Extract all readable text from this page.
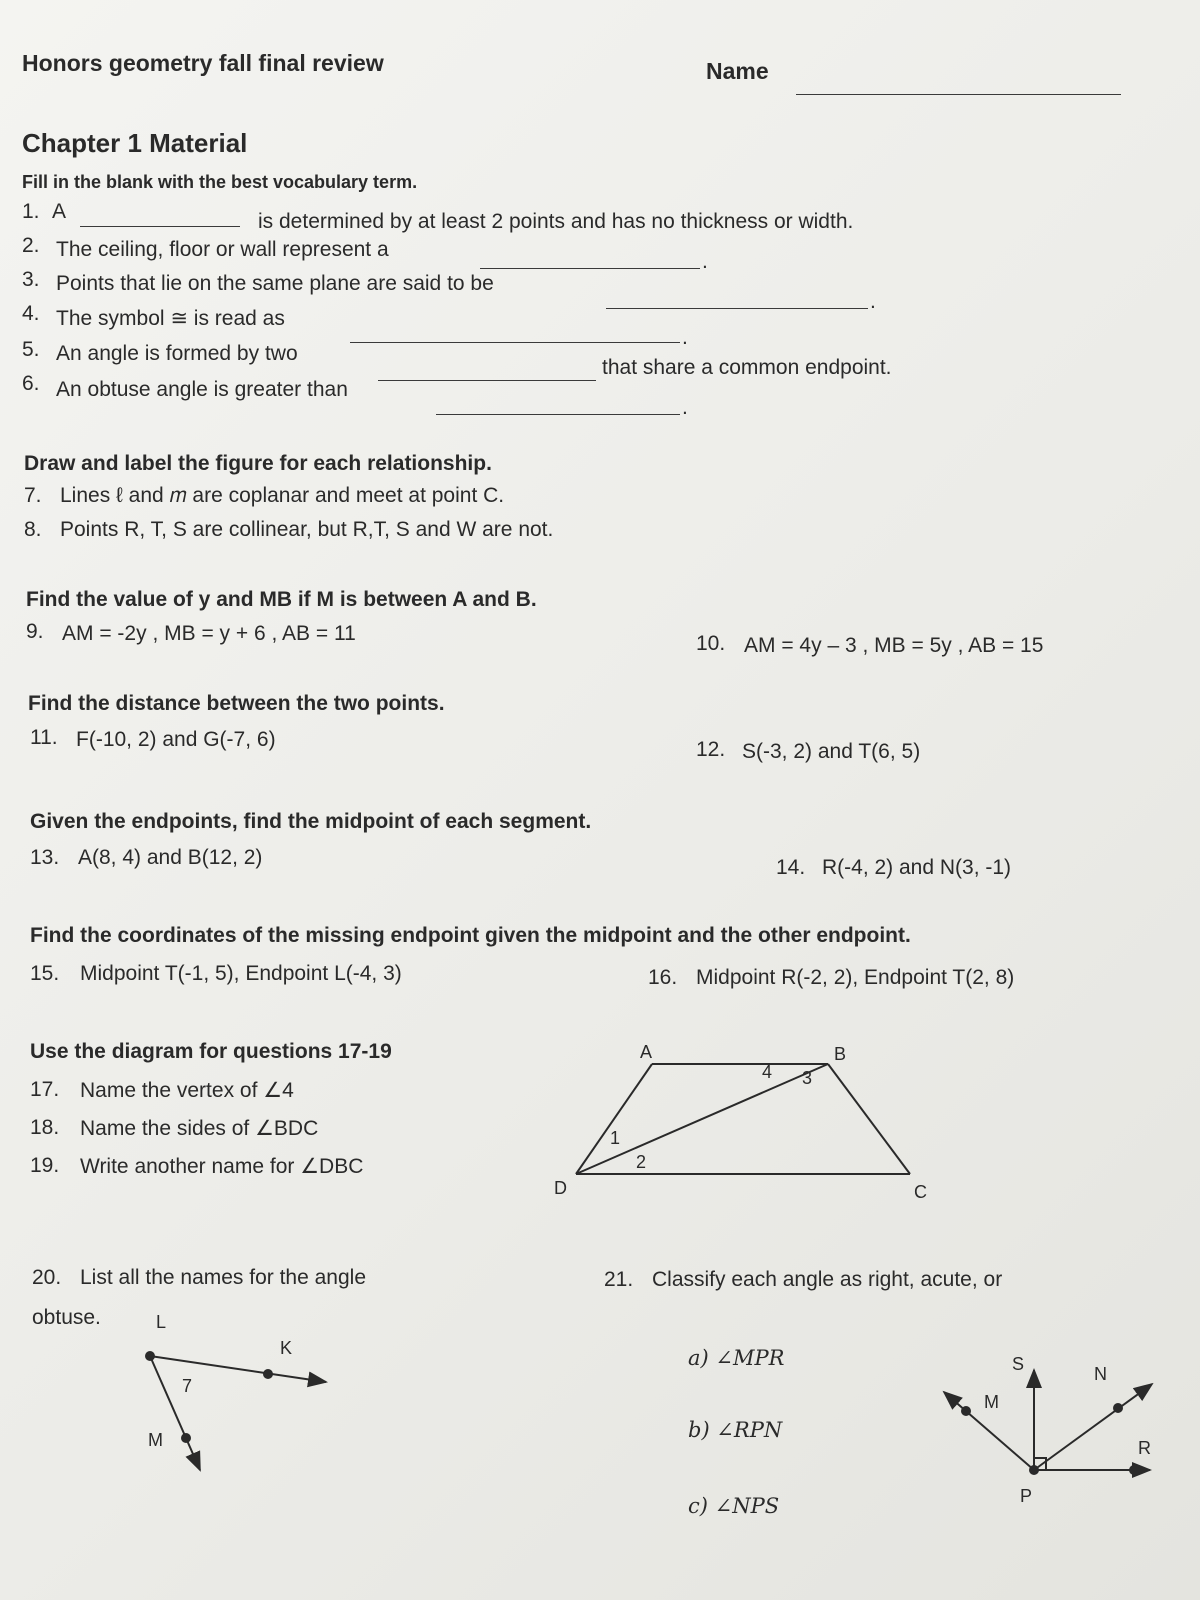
Honors geometry fall final review	Name
Chapter 1 Material
Fill in the blank with the best vocabulary term.
1. A	is determined by at least 2 points and has no thickness or width.
2. The ceiling, floor or wall represent a
.
3. Points that lie on the same plane are said to be
.
4. The symbol ≅ is read as
.
5. An angle is formed by two
that share a common endpoint.
6. An obtuse angle is greater than
.
Draw and label the figure for each relationship.
7. Lines ℓ and 𝑚 are coplanar and meet at point C.
8. Points R, T, S are collinear, but R,T, S and W are not.
Find the value of y and MB if M is between A and B.
9. AM = -2y , MB = y + 6 , AB = 11	10. AM = 4y – 3 , MB = 5y , AB = 15
Find the distance between the two points.
11. F(-10, 2) and G(-7, 6)	12. S(-3, 2) and T(6, 5)
Given the endpoints, find the midpoint of each segment.
13. A(8, 4) and B(12, 2)	14. R(-4, 2) and N(3, -1)
Find the coordinates of the missing endpoint given the midpoint and the other endpoint.
15. Midpoint T(-1, 5), Endpoint L(-4, 3)	16. Midpoint R(-2, 2), Endpoint T(2, 8)
Use the diagram for questions 17-19
17. Name the vertex of ∠4
18. Name the sides of ∠BDC
19. Write another name for ∠DBC
A	B
C
D
1
2
3
4
20. List all the names for the angle
obtuse.	L
K
M
7
21. Classify each angle as right, acute, or
a) ∠MPR
b) ∠RPN
c) ∠NPS
S	N
M
R
P
